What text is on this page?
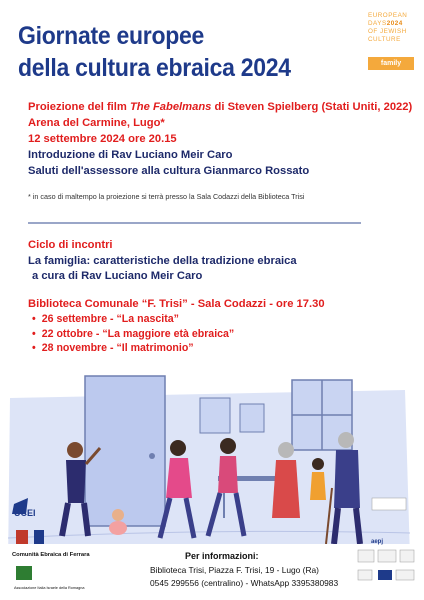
Giornate europee
della cultura ebraica 2024
EUROPEAN
DAYS2024
OF JEWISH
CULTURE
family
Proiezione del film The Fabelmans di Steven Spielberg (Stati Uniti, 2022)
Arena del Carmine, Lugo*
12 settembre 2024 ore 20.15
Introduzione di Rav Luciano Meir Caro
Saluti dell'assessore alla cultura Gianmarco Rossato
* in caso di maltempo la proiezione si terrà presso la Sala Codazzi della Biblioteca Trisi
Ciclo di incontri
La famiglia: caratteristiche della tradizione ebraica
a cura di Rav Luciano Meir Caro
Biblioteca Comunale “F. Trisi” - Sala Codazzi - ore 17.30
• 26 settembre - “La nascita”
• 22 ottobre - “La maggiore età ebraica”
• 28 novembre - “Il matrimonio”
UCEI
Comunità Ebraica di Ferrara
Associazione Italia Israele della Romagna
aepj
Per informazioni:
Biblioteca Trisi, Piazza F. Trisi, 19 - Lugo (Ra)
0545 299556 (centralino) - WhatsApp 3395380983
